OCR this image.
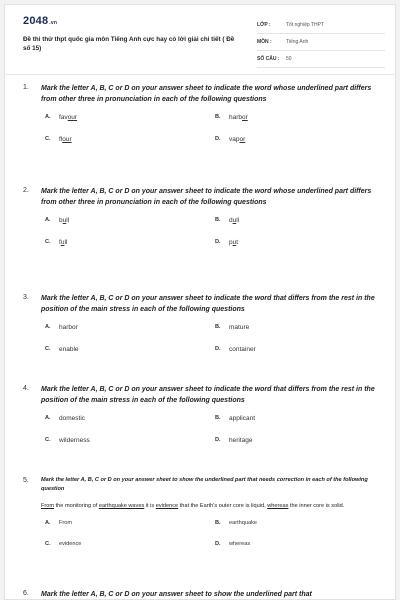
2048.vn
Đề thi thử thpt quốc gia môn Tiếng Anh cực hay có lời giải chi tiết ( Đề số 15)
LỚP :	Tốt nghiệp THPT
MÔN :	Tiếng Anh
SỐ CÂU :	50
1.	Mark the letter A, B, C or D on your answer sheet to indicate the word whose underlined part differs from other three in pronunciation in each of the following questions
A.	favour	B.	harbor
C.	flour	D.	vapor
2.	Mark the letter A, B, C or D on your answer sheet to indicate the word whose underlined part differs from other three in pronunciation in each of the following questions
A.	bull	B.	dull
C.	full	D.	put
3.	Mark the letter A, B, C or D on your answer sheet to indicate the word that differs from the rest in the position of the main stress in each of the following questions
A.	harbor	B.	mature
C.	enable	D.	container
4.	Mark the letter A, B, C or D on your answer sheet to indicate the word that differs from the rest in the position of the main stress in each of the following questions
A.	domestic	B.	applicant
C.	wilderness	D.	heritage
5.	Mark the letter A, B, C or D on your answer sheet to show the underlined part that needs correction in each of the following question
From the monitoring of earthquake waves it is evidence that the Earth's outer core is liquid, whereas the inner core is solid.
A.	From	B.	earthquake
C.	evidence	D.	whereas
6.	Mark the letter A, B, C or D on your answer sheet to show the underlined part that
